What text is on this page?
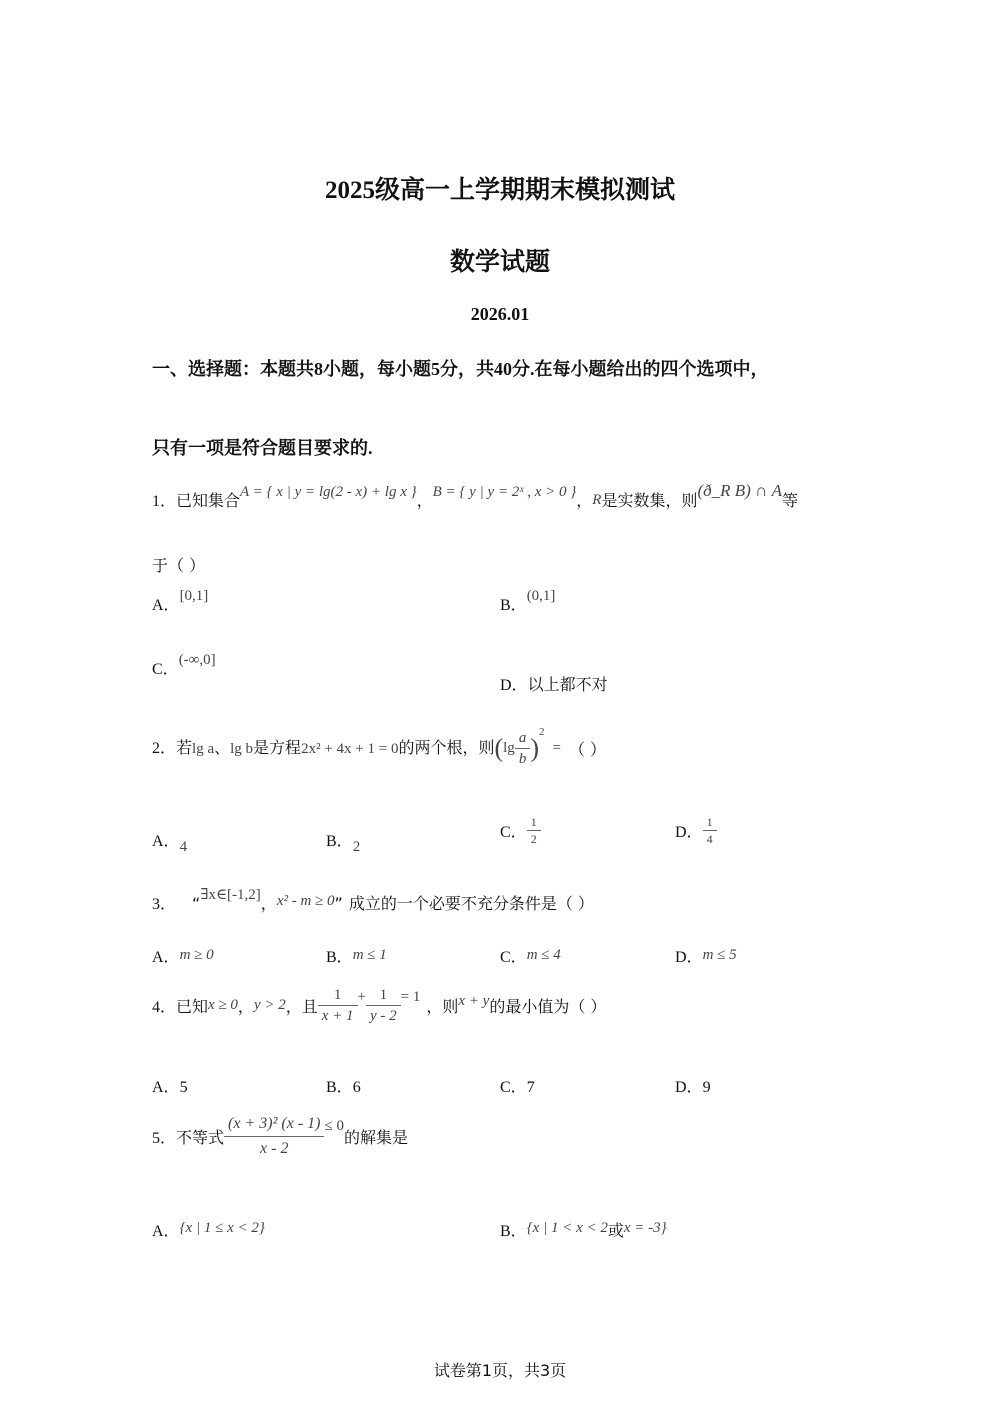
2025级高一上学期期末模拟测试
数学试题
2026.01
一、选择题：本题共8小题，每小题5分，共40分.在每小题给出的四个选项中，
只有一项是符合题目要求的.
1．已知集合A = { x | y = lg(2 - x) + lg x }，B = { y | y = 2ˣ , x > 0 }，R是实数集，则(ð_R B) ∩ A等
于（ ）
A．[0,1]
B．(0,1]
C．(-∞,0]
D．以上都不对
2．若lg a、lg b是方程2x² + 4x + 1 = 0的两个根，则$(\lg \frac{a}{b} )^2=$ （ ）
A．4	B．2
C． $\frac{1}{2}$	D． $\frac{1}{4}$
3． “∃x∈[-1,2]，x² - m ≥ 0” 成立的一个必要不充分条件是（ ）
A．m ≥ 0	B．m ≤ 1	C．m ≤ 4	D．m ≤ 5
4．已知x ≥ 0，y > 2，且 $\frac{1}{x + 1} + \frac{1}{y - 2} = 1$ ，则x + y的最小值为（ ）
A．5	B．6	C．7	D．9
5．不等式 $\frac{\text{(x + 3)² (x - 1)}}{x - 2} \le 0$的解集是
A．{x | 1 ≤ x < 2}	B．{x | 1 < x < 2或x = -3}
试卷第1页，共3页
